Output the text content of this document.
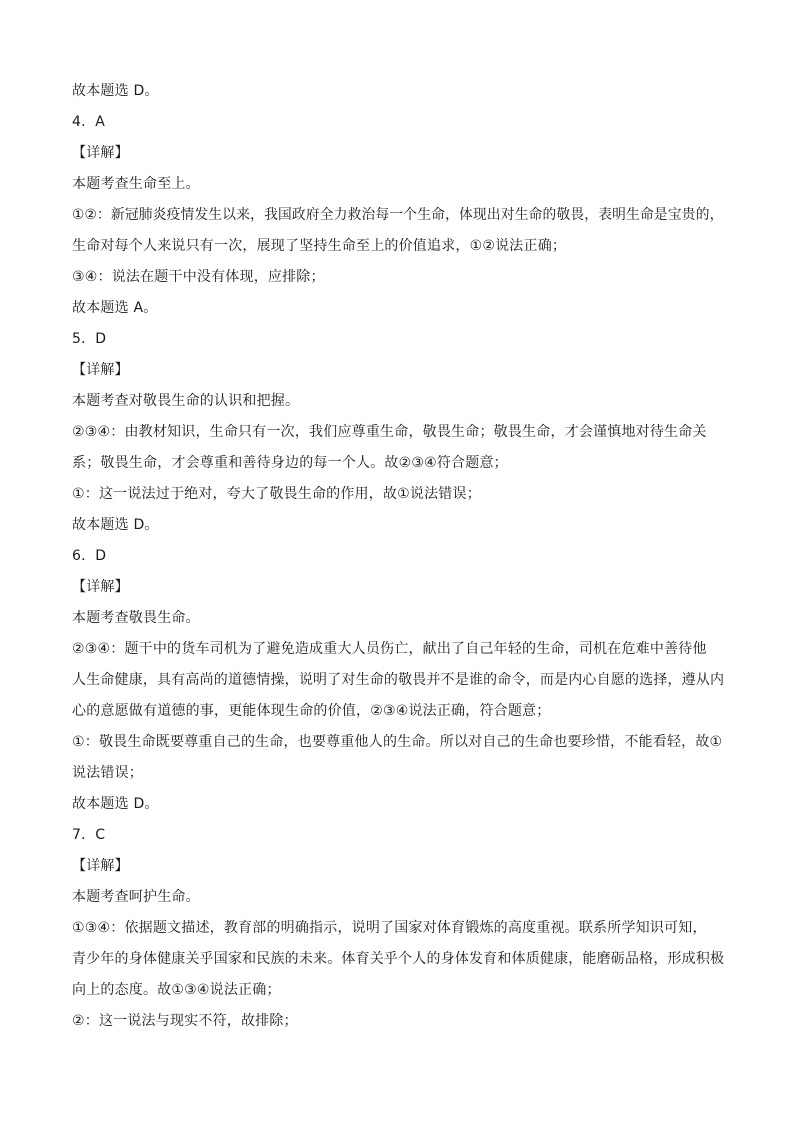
故本题选 D。
4．A
【详解】
本题考查生命至上。
①②：新冠肺炎疫情发生以来，我国政府全力救治每一个生命，体现出对生命的敬畏，表明生命是宝贵的，
生命对每个人来说只有一次，展现了坚持生命至上的价值追求，①②说法正确；
③④：说法在题干中没有体现，应排除；
故本题选 A。
5．D
【详解】
本题考查对敬畏生命的认识和把握。
②③④：由教材知识，生命只有一次，我们应尊重生命，敬畏生命；敬畏生命，才会谨慎地对待生命关
系；敬畏生命，才会尊重和善待身边的每一个人。故②③④符合题意；
①：这一说法过于绝对，夸大了敬畏生命的作用，故①说法错误；
故本题选 D。
6．D
【详解】
本题考查敬畏生命。
②③④：题干中的货车司机为了避免造成重大人员伤亡，献出了自己年轻的生命，司机在危难中善待他
人生命健康，具有高尚的道德情操，说明了对生命的敬畏并不是谁的命令，而是内心自愿的选择，遵从内
心的意愿做有道德的事，更能体现生命的价值，②③④说法正确，符合题意；
①：敬畏生命既要尊重自己的生命，也要尊重他人的生命。所以对自己的生命也要珍惜，不能看轻，故①
说法错误；
故本题选 D。
7．C
【详解】
本题考查呵护生命。
①③④：依据题文描述，教育部的明确指示，说明了国家对体育锻炼的高度重视。联系所学知识可知，
青少年的身体健康关乎国家和民族的未来。体育关乎个人的身体发育和体质健康，能磨砺品格，形成积极
向上的态度。故①③④说法正确；
②：这一说法与现实不符，故排除；
